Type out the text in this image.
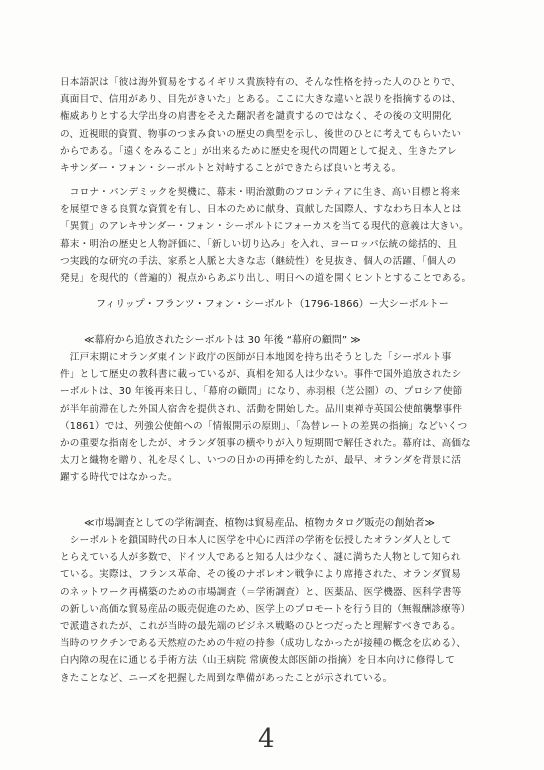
日本語訳は「彼は海外貿易をするイギリス貴族特有の、そんな性格を持った人のひとりで、
真面目で、信用があり、目先がきいた」とある。ここに大きな違いと誤りを指摘するのは、
権威ありとする大学出身の肩書をそえた翻訳者を譴責するのではなく、その後の文明開化
の、近視眼的資質、物事のつまみ食いの歴史の典型を示し、後世のひとに考えてもらいたい
からである。「遠くをみること」が出来るために歴史を現代の問題として捉え、生きたアレ
キサンダー・フォン・シーボルトと対峙することができたらば良いと考える。
　コロナ・パンデミックを契機に、幕末・明治激動のフロンティアに生き、高い目標と将来
を展望できる良質な資質を有し、日本のために献身、貢献した国際人、すなわち日本人とは
「異質」のアレキサンダー・フォン・シーボルトにフォーカスを当てる現代的意義は大きい。
幕末・明治の歴史と人物評価に、「新しい切り込み」を入れ、ヨーロッパ伝統の総括的、且
つ実践的な研究の手法、家系と人脈と大きな志（継続性）を見抜き、個人の活躍、「個人の
発見」を現代的（普遍的）視点からあぶり出し、明日への道を開くヒントとすることである。
フィリップ・フランツ・フォン・シーボルト（1796-1866）ー大シーボルトー
≪幕府から追放されたシーボルトは 30 年後 “幕府の顧問” ≫
　江戸末期にオランダ東インド政庁の医師が日本地図を持ち出そうとした「シーボルト事
件」として歴史の教科書に載っているが、真相を知る人は少ない。事件で国外追放されたシ
ーボルトは、30 年後再来日し、「幕府の顧問」になり、赤羽根（芝公園）の、プロシア使節
が半年前滞在した外国人宿舎を提供され、活動を開始した。品川東禅寺英国公使館襲撃事件
（1861）では、列強公使館への「情報開示の原則」、「為替レートの差異の指摘」などいくつ
かの重要な指南をしたが、オランダ領事の横やりが入り短期間で解任された。幕府は、高価な
太刀と織物を贈り、礼を尽くし、いつの日かの再挿を約したが、最早、オランダを背景に活
躍する時代ではなかった。
≪市場調査としての学術調査、植物は貿易産品、植物カタログ販売の創始者≫
　シーボルトを鎖国時代の日本人に医学を中心に西洋の学術を伝授したオランダ人として
とらえている人が多数で、ドイツ人であると知る人は少なく、謎に満ちた人物として知られ
ている。実際は、フランス革命、その後のナポレオン戦争により席捲された、オランダ貿易
のネットワーク再構築のための市場調査（＝学術調査）と、医薬品、医学機器、医科学書等
の新しい高価な貿易産品の販売促進のため、医学上のプロモートを行う目的（無報酬診療等）
で派遣されたが、これが当時の最先端のビジネス戦略のひとつだったと理解すべきである。
当時のワクチンである天然痘のための牛痘の持参（成功しなかったが接種の概念を広める）、
白内障の現在に通じる手術方法（山王病院 常廣俊太郎医師の指摘）を日本向けに修得して
きたことなど、ニーズを把握した周到な準備があったことが示されている。
4
